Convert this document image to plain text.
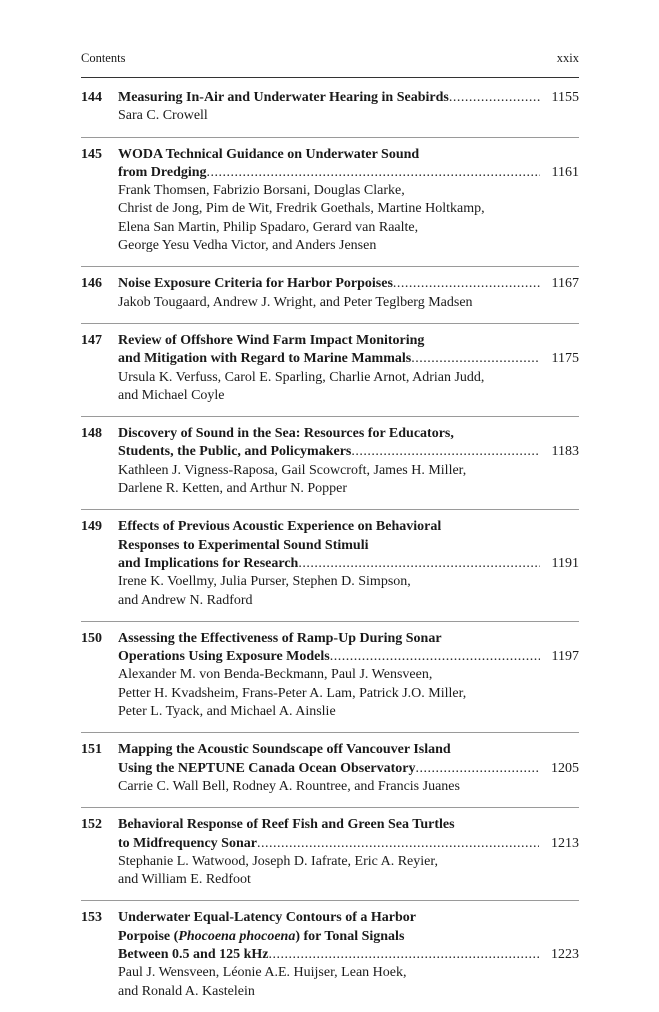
Contents	xxix
144 Measuring In-Air and Underwater Hearing in Seabirds .....	1155
Sara C. Crowell
145 WODA Technical Guidance on Underwater Sound
from Dredging .....	1161
Frank Thomsen, Fabrizio Borsani, Douglas Clarke,
Christ de Jong, Pim de Wit, Fredrik Goethals, Martine Holtkamp,
Elena San Martin, Philip Spadaro, Gerard van Raalte,
George Yesu Vedha Victor, and Anders Jensen
146 Noise Exposure Criteria for Harbor Porpoises .....	1167
Jakob Tougaard, Andrew J. Wright, and Peter Teglberg Madsen
147 Review of Offshore Wind Farm Impact Monitoring
and Mitigation with Regard to Marine Mammals .....	1175
Ursula K. Verfuss, Carol E. Sparling, Charlie Arnot, Adrian Judd,
and Michael Coyle
148 Discovery of Sound in the Sea: Resources for Educators,
Students, the Public, and Policymakers .....	1183
Kathleen J. Vigness-Raposa, Gail Scowcroft, James H. Miller,
Darlene R. Ketten, and Arthur N. Popper
149 Effects of Previous Acoustic Experience on Behavioral
Responses to Experimental Sound Stimuli
and Implications for Research .....	1191
Irene K. Voellmy, Julia Purser, Stephen D. Simpson,
and Andrew N. Radford
150 Assessing the Effectiveness of Ramp-Up During Sonar
Operations Using Exposure Models .....	1197
Alexander M. von Benda-Beckmann, Paul J. Wensveen,
Petter H. Kvadsheim, Frans-Peter A. Lam, Patrick J.O. Miller,
Peter L. Tyack, and Michael A. Ainslie
151 Mapping the Acoustic Soundscape off Vancouver Island
Using the NEPTUNE Canada Ocean Observatory .....	1205
Carrie C. Wall Bell, Rodney A. Rountree, and Francis Juanes
152 Behavioral Response of Reef Fish and Green Sea Turtles
to Midfrequency Sonar .....	1213
Stephanie L. Watwood, Joseph D. Iafrate, Eric A. Reyier,
and William E. Redfoot
153 Underwater Equal-Latency Contours of a Harbor
Porpoise (Phocoena phocoena) for Tonal Signals
Between 0.5 and 125 kHz .....	1223
Paul J. Wensveen, Léonie A.E. Huijser, Lean Hoek,
and Ronald A. Kastelein
